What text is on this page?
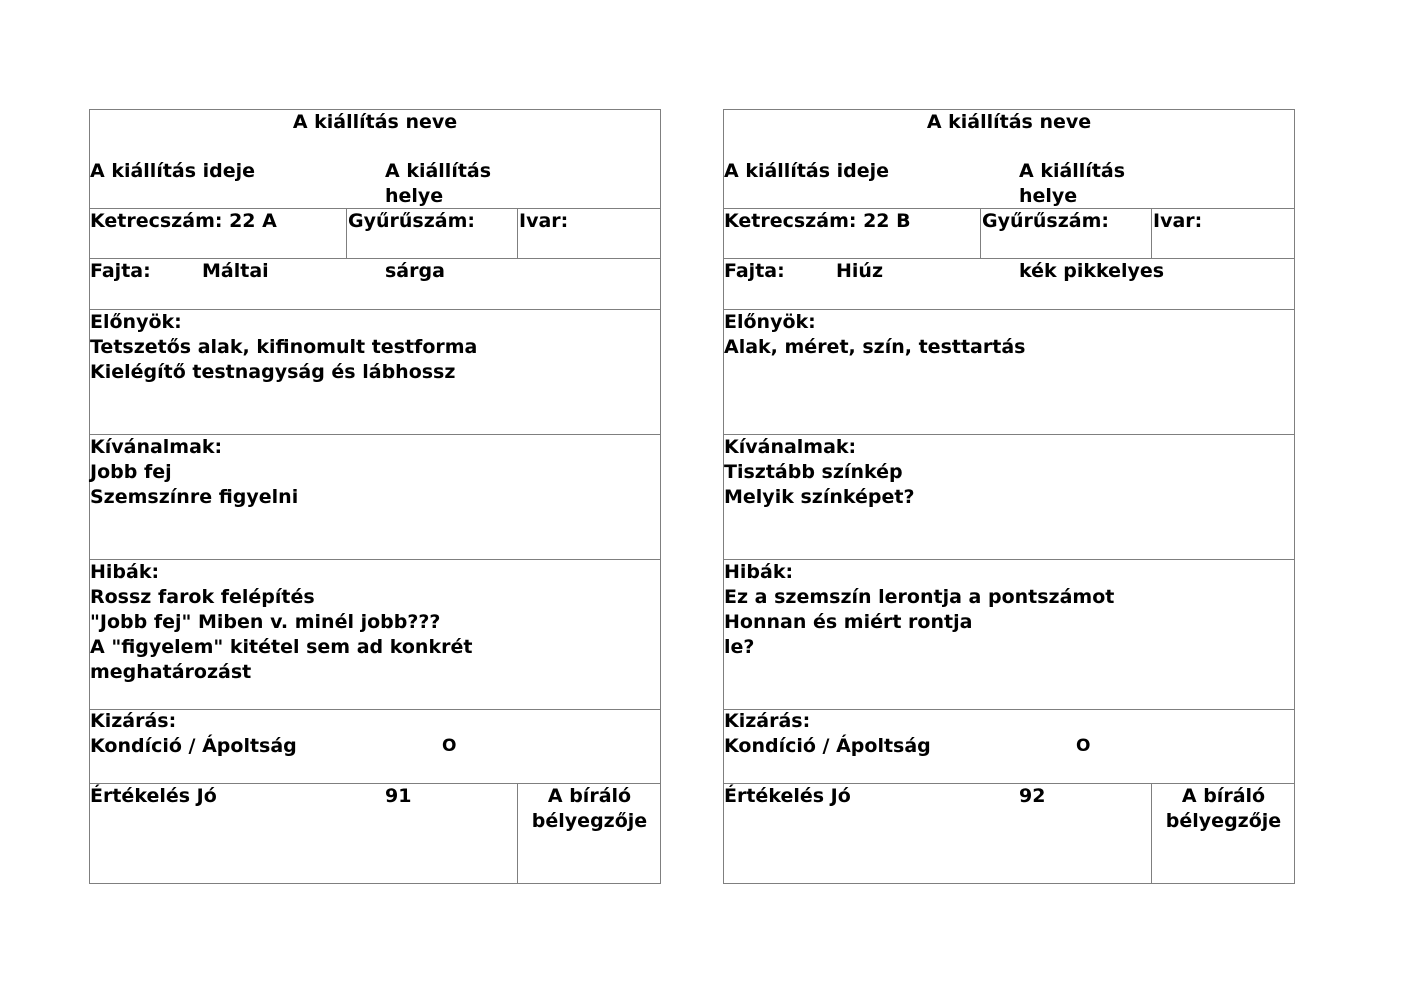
A kiállítás neve
A kiállítás ideje	A kiállítás
helye
Ketrecszám: 22 A	Gyűrűszám: Ivar:
Fajta:	Máltai	sárga
Előnyök:
Tetszetős alak, kifinomult testforma
Kielégítő testnagyság és lábhossz
Kívánalmak:
Jobb fej
Szemszínre figyelni
Hibák:
Rossz farok felépítés
"Jobb fej" Miben v. minél jobb???
A "figyelem" kitétel sem ad konkrét
meghatározást
Kizárás:
Kondíció / Ápoltság	O
Értékelés Jó	91	A bíráló
bélyegzője
A kiállítás neve
A kiállítás ideje	A kiállítás
helye
Ketrecszám: 22 B	Gyűrűszám: Ivar:
Fajta:	Hiúz	kék pikkelyes
Előnyök:
Alak, méret, szín, testtartás
Kívánalmak:
Tisztább színkép
Melyik színképet?
Hibák:
Ez a szemszín lerontja a pontszámot
Honnan és miért rontja
le?
Kizárás:
Kondíció / Ápoltság	O
Értékelés Jó	92	A bíráló
bélyegzője
